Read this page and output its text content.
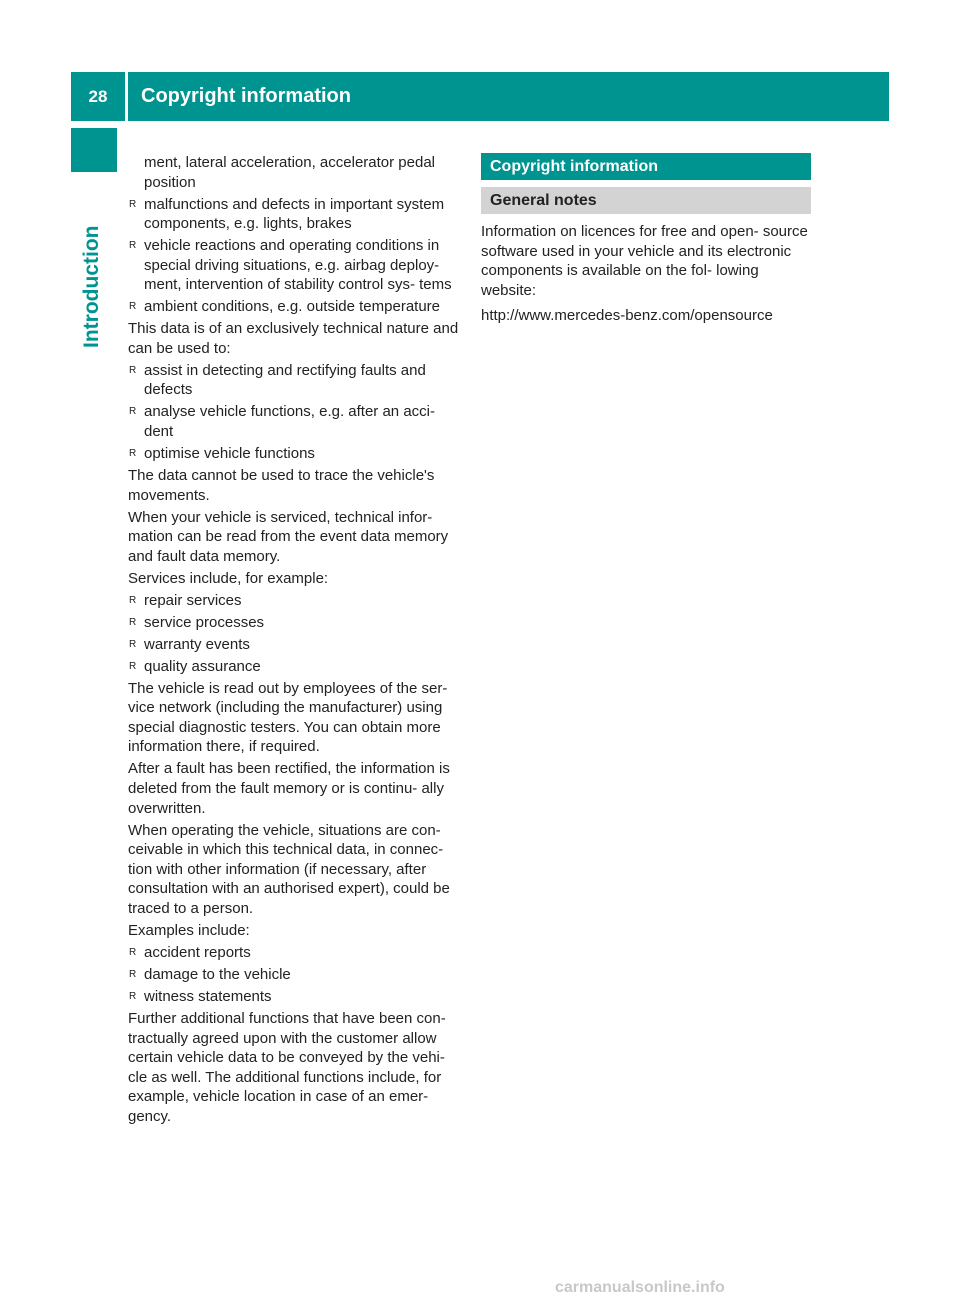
28	Copyright information
Introduction
ment, lateral acceleration, accelerator pedal position
R malfunctions and defects in important system components, e.g. lights, brakes
R vehicle reactions and operating conditions in special driving situations, e.g. airbag deploy- ment, intervention of stability control sys- tems
R ambient conditions, e.g. outside temperature
This data is of an exclusively technical nature and can be used to:
R assist in detecting and rectifying faults and defects
R analyse vehicle functions, e.g. after an acci- dent
R optimise vehicle functions
The data cannot be used to trace the vehicle's movements.
When your vehicle is serviced, technical infor- mation can be read from the event data memory and fault data memory.
Services include, for example:
R repair services
R service processes
R warranty events
R quality assurance
The vehicle is read out by employees of the ser- vice network (including the manufacturer) using special diagnostic testers. You can obtain more information there, if required.
After a fault has been rectified, the information is deleted from the fault memory or is continu- ally overwritten.
When operating the vehicle, situations are con- ceivable in which this technical data, in connec- tion with other information (if necessary, after consultation with an authorised expert), could be traced to a person.
Examples include:
R accident reports
R damage to the vehicle
R witness statements
Further additional functions that have been con- tractually agreed upon with the customer allow certain vehicle data to be conveyed by the vehi- cle as well. The additional functions include, for example, vehicle location in case of an emer- gency.
Copyright information
General notes
Information on licences for free and open- source software used in your vehicle and its electronic components is available on the fol- lowing website:
http://www.mercedes-benz.com/opensource
carmanualsonline.info
